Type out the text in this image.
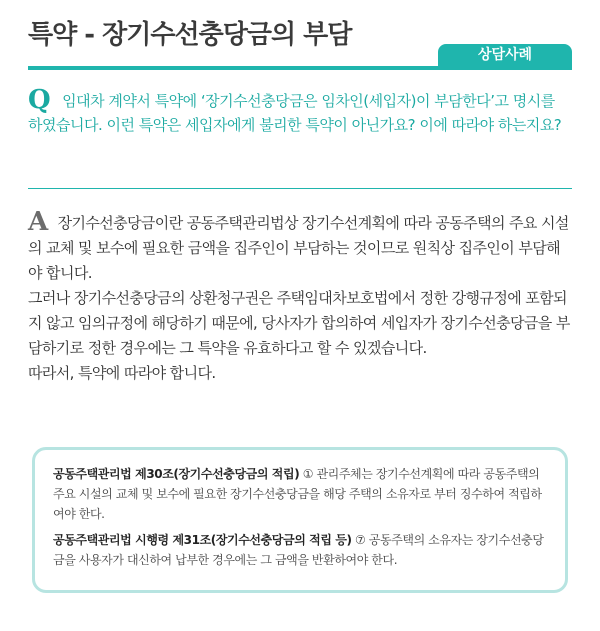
특약 - 장기수선충당금의 부담
상담사례
Q임대차 계약서 특약에 ‘장기수선충당금은 임차인(세입자)이 부담한다’고 명시를 하였습니다. 이런 특약은 세입자에게 불리한 특약이 아닌가요? 이에 따라야 하는지요?

A장기수선충당금이란 공동주택관리법상 장기수선계획에 따라 공동주택의 주요 시설의 교체 및 보수에 필요한 금액을 집주인이 부담하는 것이므로 원칙상 집주인이 부담해야 합니다.

그러나 장기수선충당금의 상환청구권은 주택임대차보호법에서 정한 강행규정에 포함되지 않고 임의규정에 해당하기 때문에, 당사자가 합의하여 세입자가 장기수선충당금을 부담하기로 정한 경우에는 그 특약을 유효하다고 할 수 있겠습니다.

따라서, 특약에 따라야 합니다.

공동주택관리법 제30조(장기수선충당금의 적립) ① 관리주체는 장기수선계획에 따라 공동주택의 주요 시설의 교체 및 보수에 필요한 장기수선충당금을 해당 주택의 소유자로 부터 징수하여 적립하여야 한다.

공동주택관리법 시행령 제31조(장기수선충당금의 적립 등) ⑦ 공동주택의 소유자는 장기수선충당금을 사용자가 대신하여 납부한 경우에는 그 금액을 반환하여야 한다.
